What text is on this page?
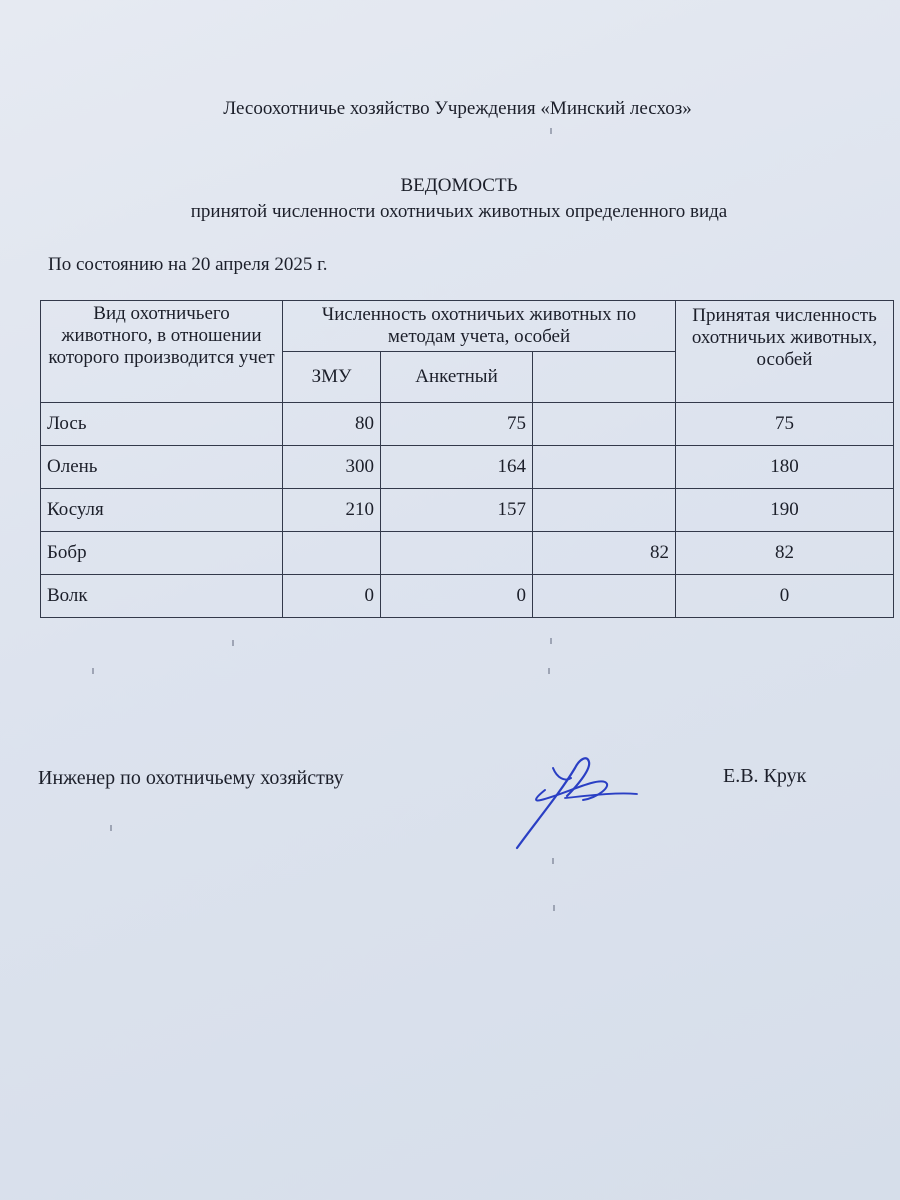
Лесоохотничье хозяйство Учреждения «Минский лесхоз»
ВЕДОМОСТЬ
принятой численности охотничьих животных определенного вида
По состоянию на 20 апреля 2025 г.
Вид охотничьего животного, в отношении которого производится учет	Численность охотничьих животных по методам учета, особей			Принятая численность охотничьих животных, особей
	ЗМУ	Анкетный		
Лось	80	75		75
Олень	300	164		180
Косуля	210	157		190
Бобр			82	82
Волк	0	0		0
Инженер по охотничьему хозяйству	Е.В. Крук
